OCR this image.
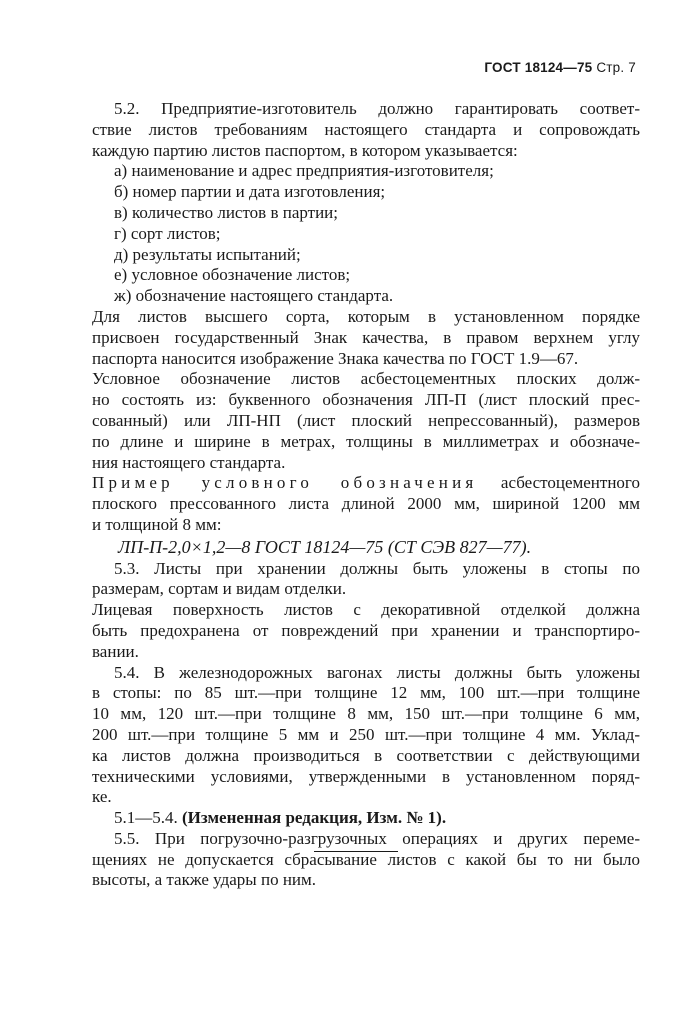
ГОСТ 18124—75 Стр. 7
5.2. Предприятие-изготовитель должно гарантировать соответ-
ствие листов требованиям настоящего стандарта и сопровождать
каждую партию листов паспортом, в котором указывается:
а) наименование и адрес предприятия-изготовителя;
б) номер партии и дата изготовления;
в) количество листов в партии;
г) сорт листов;
д) результаты испытаний;
е) условное обозначение листов;
ж) обозначение настоящего стандарта.
Для листов высшего сорта, которым в установленном порядке
присвоен государственный Знак качества, в правом верхнем углу
паспорта наносится изображение Знака качества по ГОСТ 1.9—67.
Условное обозначение листов асбестоцементных плоских долж-
но состоять из: буквенного обозначения ЛП-П (лист плоский прес-
сованный) или ЛП-НП (лист плоский непрессованный), размеров
по длине и ширине в метрах, толщины в миллиметрах и обозначе-
ния настоящего стандарта.
Пример условного обозначения асбестоцементного
плоского прессованного листа длиной 2000 мм, шириной 1200 мм
и толщиной 8 мм:
ЛП-П-2,0×1,2—8 ГОСТ 18124—75 (СТ СЭВ 827—77).
5.3. Листы при хранении должны быть уложены в стопы по
размерам, сортам и видам отделки.
Лицевая поверхность листов с декоративной отделкой должна
быть предохранена от повреждений при хранении и транспортиро-
вании.
5.4. В железнодорожных вагонах листы должны быть уложены
в стопы: по 85 шт.—при толщине 12 мм, 100 шт.—при толщине
10 мм, 120 шт.—при толщине 8 мм, 150 шт.—при толщине 6 мм,
200 шт.—при толщине 5 мм и 250 шт.—при толщине 4 мм. Уклад-
ка листов должна производиться в соответствии с действующими
техническими условиями, утвержденными в установленном поряд-
ке.
5.1—5.4. (Измененная редакция, Изм. № 1).
5.5. При погрузочно-разгрузочных операциях и других переме-
щениях не допускается сбрасывание листов с какой бы то ни было
высоты, а также удары по ним.
